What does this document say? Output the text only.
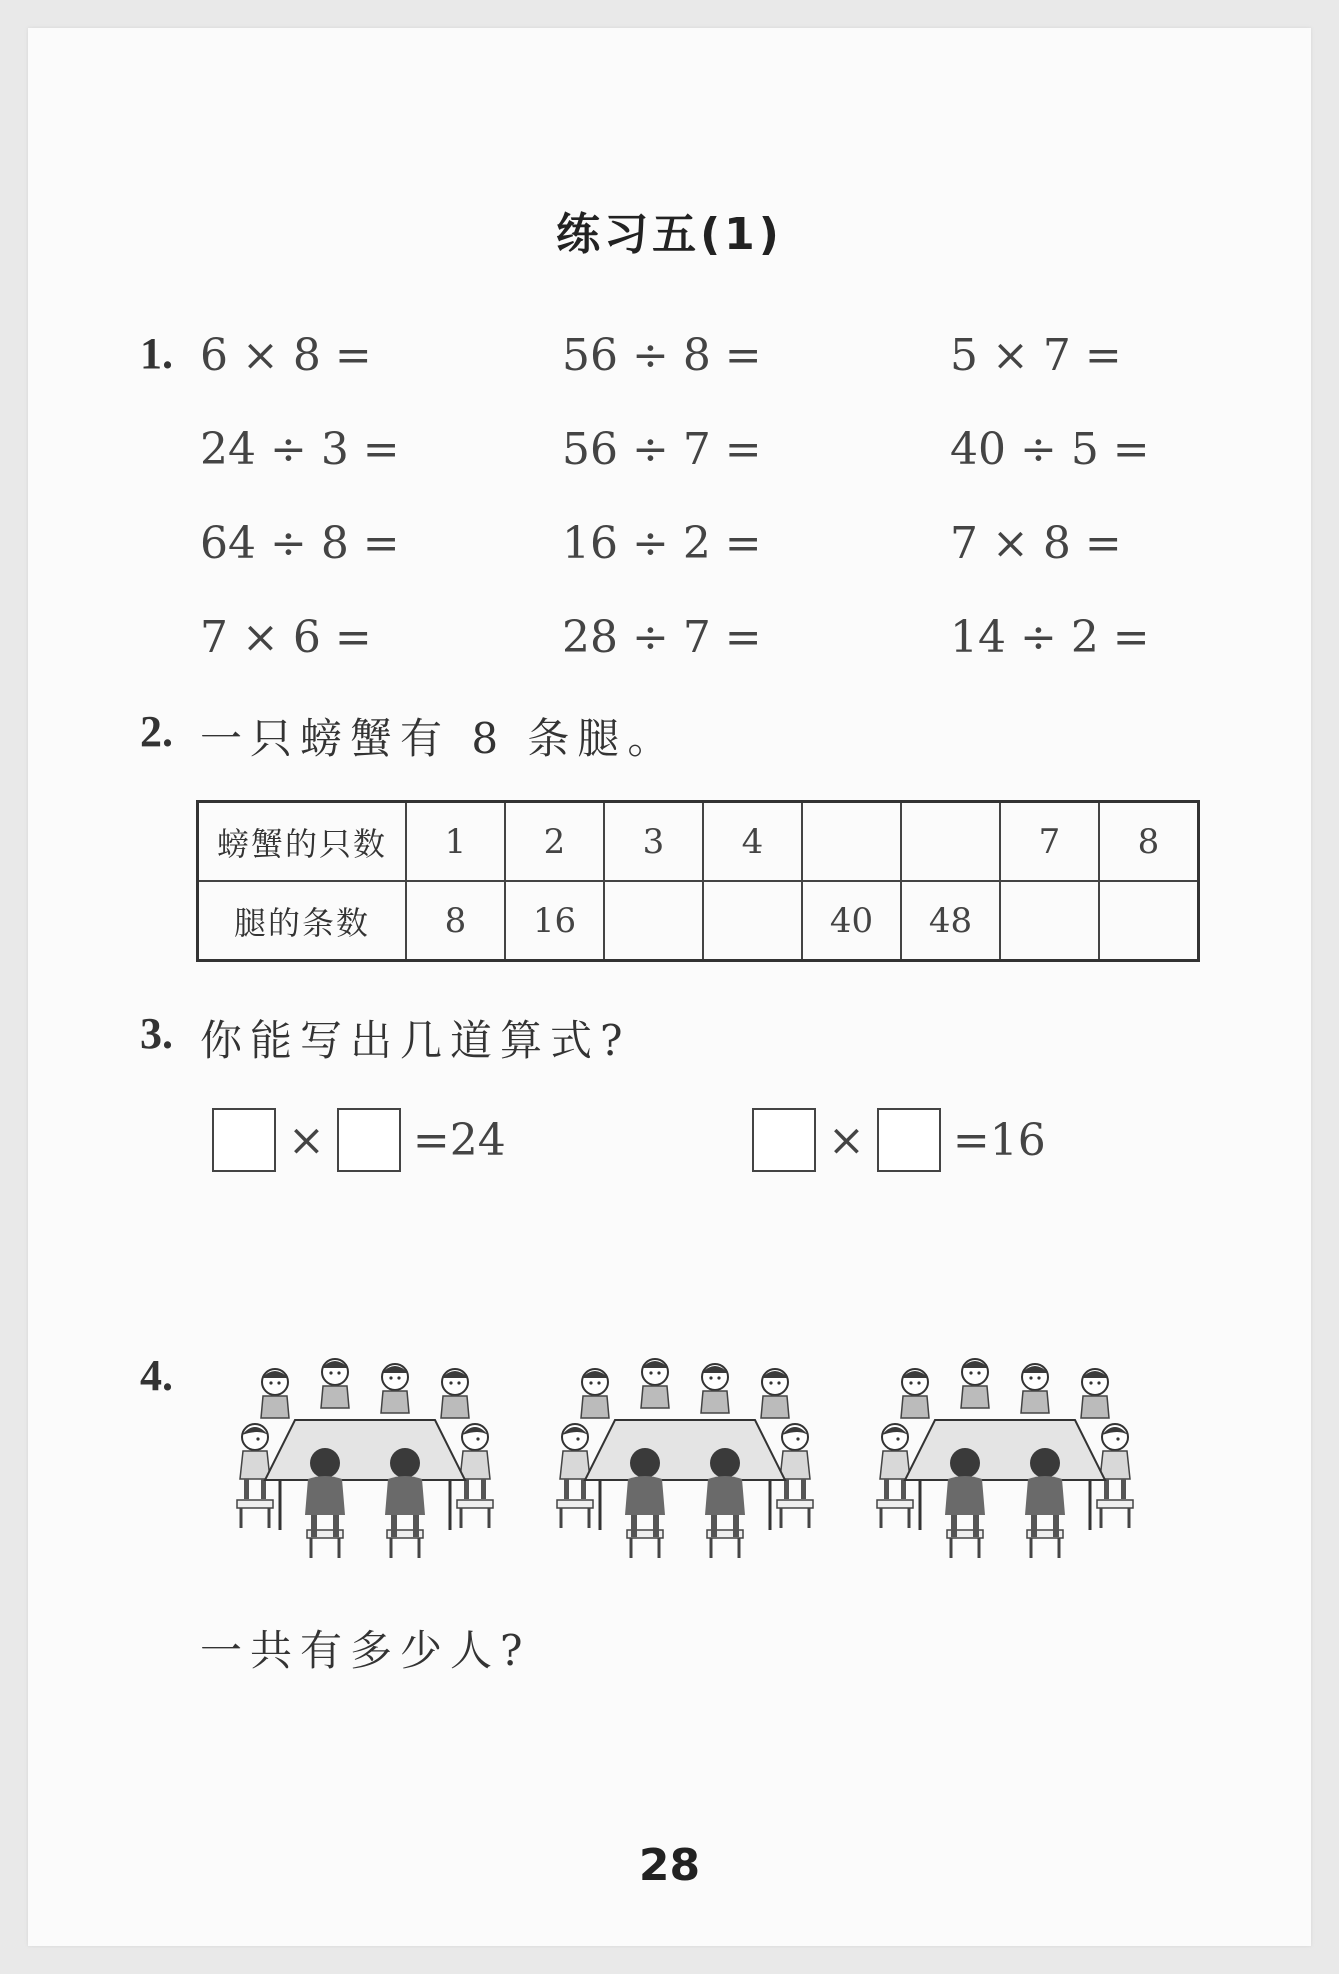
练习五(1)
1. 6 × 8 =	56 ÷ 8 =	5 × 7 =
24 ÷ 3 =	56 ÷ 7 =	40 ÷ 5 =
64 ÷ 8 =	16 ÷ 2 =	7 × 8 =
7 × 6 =	28 ÷ 7 =	14 ÷ 2 =
2. 一只螃蟹有 8 条腿。
螃蟹的只数	1	2	3	4			7	8
腿的条数	8	16			40	48		
3. 你能写出几道算式?
× =24	× =16
4.
一共有多少人?
28
